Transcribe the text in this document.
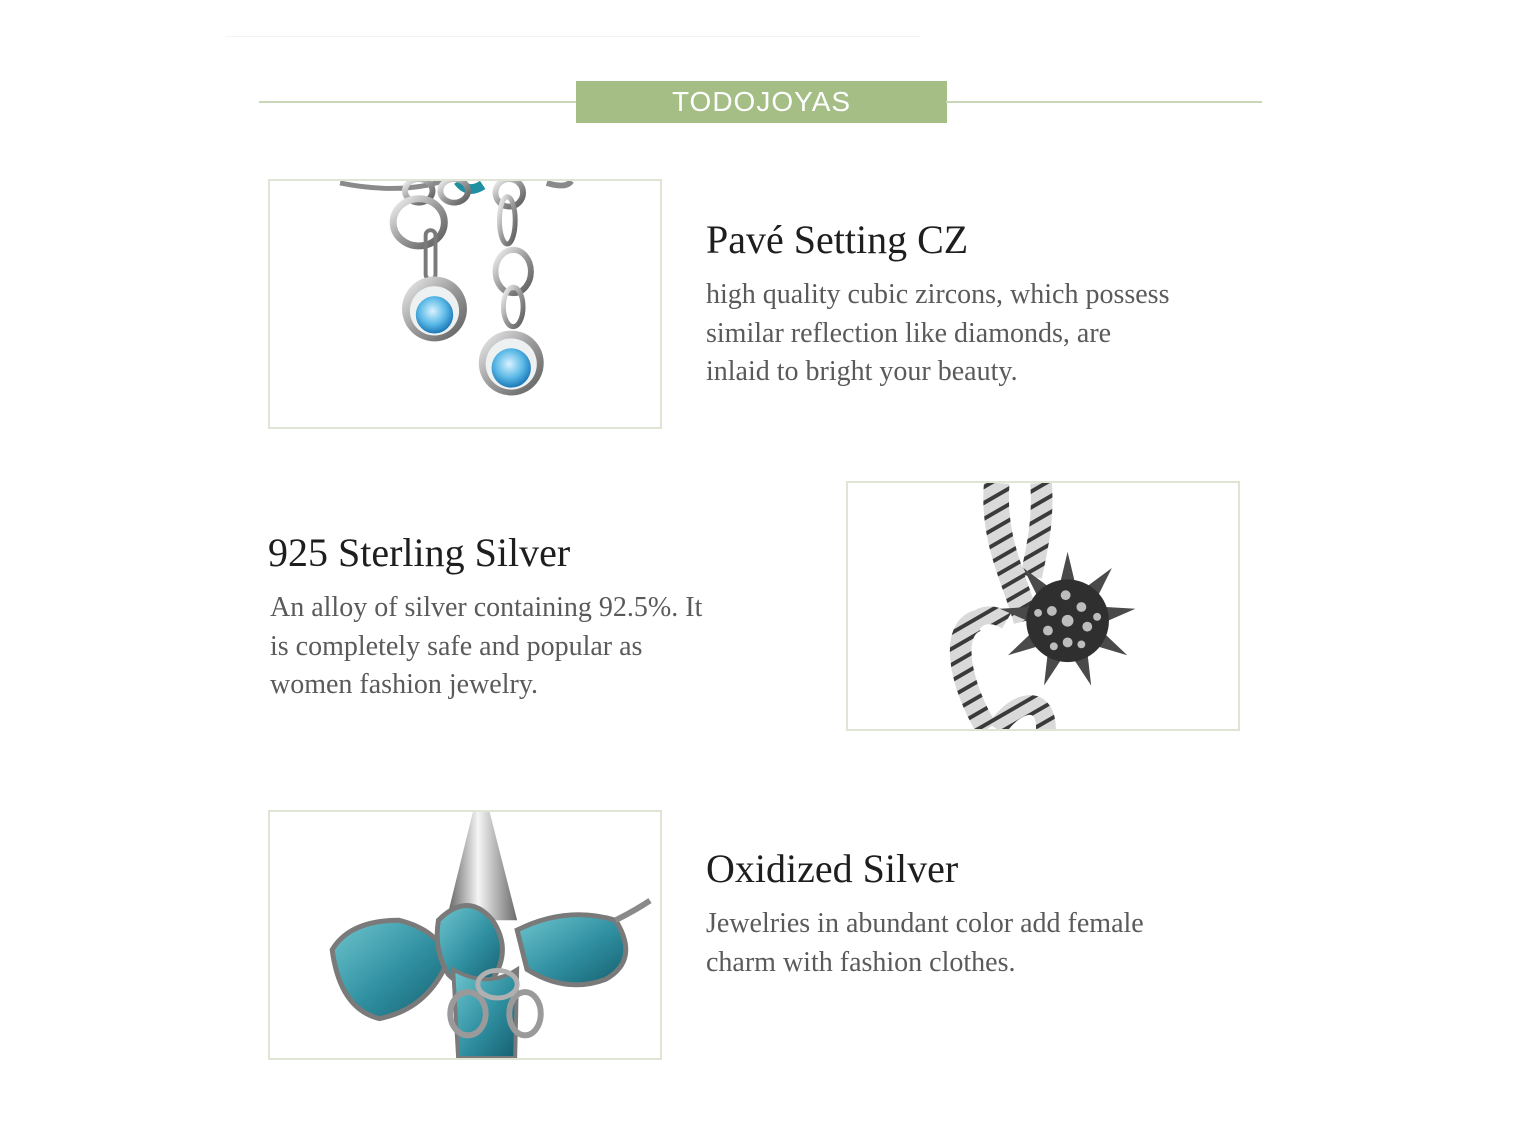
TODOJOYAS
Pavé Setting CZ

high quality cubic zircons, which possess
similar reflection like diamonds, are
inlaid to bright your beauty.

925 Sterling Silver

An alloy of silver containing 92.5%. It
is completely safe and popular as
women fashion jewelry.

Oxidized Silver

Jewelries in abundant color add female
charm with fashion clothes.
